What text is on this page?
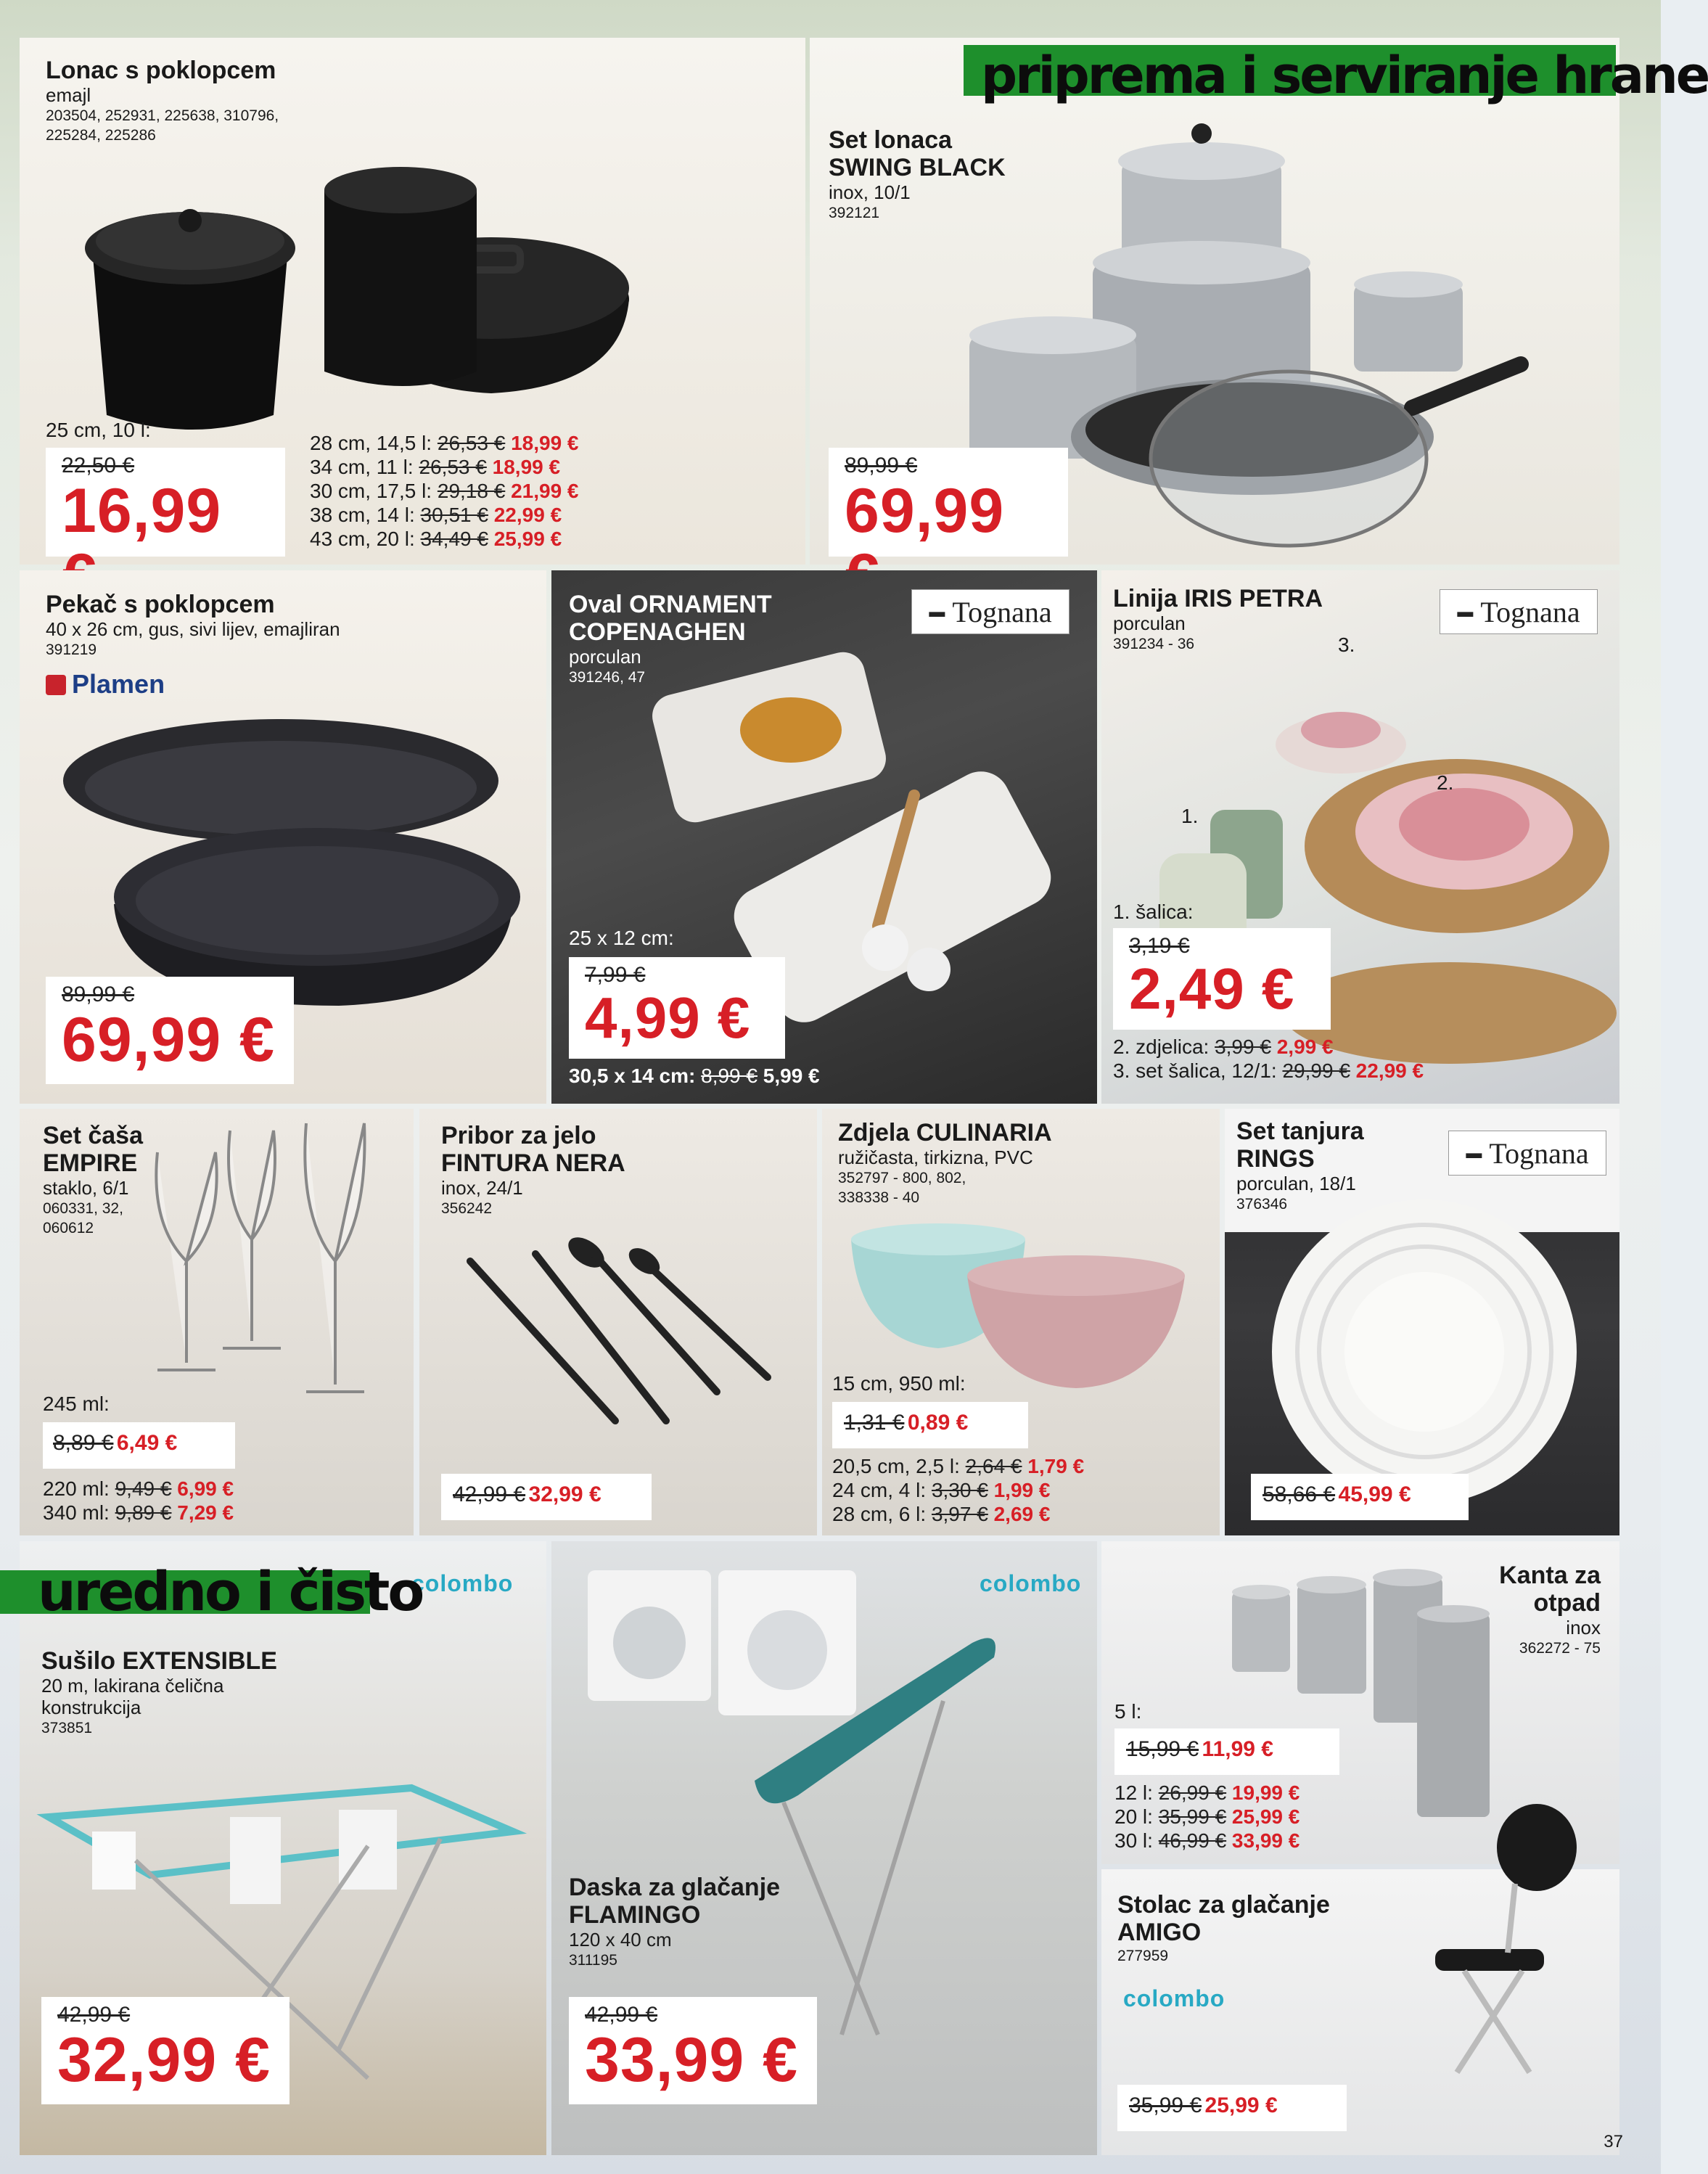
Lonac s poklopcem
emajl
203504, 252931, 225638, 310796,
225284, 225286
25 cm, 10 l:
22,50 €
16,99
28 cm, 14,5 l: 26,53 € 18,99 €
34 cm, 11 l: 26,53 € 18,99 €
30 cm, 17,5 l: 29,18 € 21,99 €
38 cm, 14 l: 30,51 € 22,99 €
43 cm, 20 l: 34,49 € 25,99 €
Set lonaca
SWING BLACK
inox, 10/1
392121
89,99 €
69,99
priprema i serviranje hrane
Pekač s poklopcem
40 x 26 cm, gus, sivi lijev, emajliran
391219
Plamen
89,99 €
69,99 €
Oval ORNAMENT
COPENAGHEN
porculan
391246, 47
▬ Tognana
25 x 12 cm:
7,99 €
4,99 €
30,5 x 14 cm: 8,99 € 5,99 €
Linija IRIS PETRA
porculan
391234 - 36
▬ Tognana
3.
2.
1.
1. šalica:
3,19 €
2,49 €
2. zdjelica: 3,99 € 2,99 €
3. set šalica, 12/1: 29,99 € 22,99 €
Set čaša
EMPIRE
staklo, 6/1
060331, 32,
060612
245 ml:
8,89 € 6,49 €
220 ml: 9,49 € 6,99 €
340 ml: 9,89 € 7,29 €
Pribor za jelo
FINTURA NERA
inox, 24/1
356242
42,99 € 32,99 €
Zdjela CULINARIA
ružičasta, tirkizna, PVC
352797 - 800, 802,
338338 - 40
15 cm, 950 ml:
1,31 € 0,89 €
20,5 cm, 2,5 l: 2,64 € 1,79 €
24 cm, 4 l: 3,30 € 1,99 €
28 cm, 6 l: 3,97 € 2,69 €
Set tanjura
RINGS
porculan, 18/1
376346
▬ Tognana
58,66 € 45,99 €
Sušilo EXTENSIBLE
20 m, lakirana čelična
konstrukcija
373851
colombo
42,99 €
32,99 €
uredno i čisto	colombo
Daska za glačanje
FLAMINGO
120 x 40 cm
311195
42,99 €
33,99 €
Kanta za
otpad
inox
362272 - 75
5 l:
15,99 € 11,99 €
12 l: 26,99 € 19,99 €
20 l: 35,99 € 25,99 €
30 l: 46,99 € 33,99 €
Stolac za glačanje
AMIGO
277959
colombo
35,99 € 25,99 €
37
